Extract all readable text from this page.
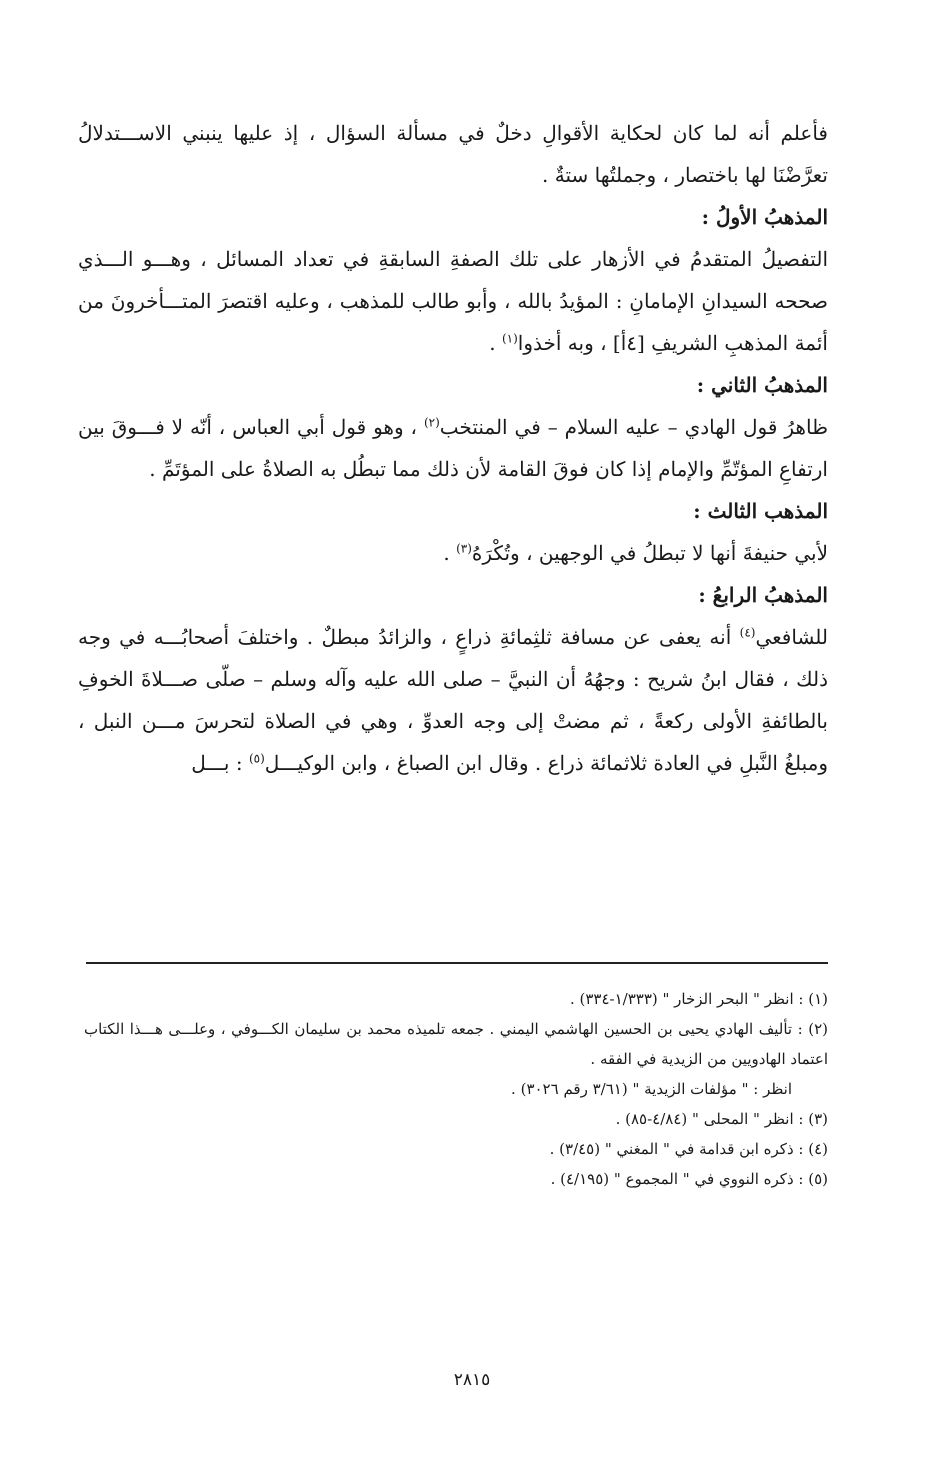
فأعلم أنه لما كان لحكاية الأقوالِ دخلٌ في مسألة السؤال ، إذ عليها ينبني الاســـتدلالُ تعرَّضْنَا لها باختصار ، وجملتُها ستةٌ .

المذهبُ الأولُ :

التفصيلُ المتقدمُ في الأزهار على تلك الصفةِ السابقةِ في تعداد المسائل ، وهـــو الـــذي صححه السيدانِ الإمامانِ : المؤيدُ بالله ، وأبو طالب للمذهب ، وعليه اقتصرَ المتـــأخرونَ من أئمة المذهبِ الشريفِ [٤أ] ، وبه أخذوا$^{(١)}$ .

المذهبُ الثاني :

ظاهرُ قول الهادي – عليه السلام – في المنتخب$^{(٢)}$ ، وهو قول أبي العباس ، أنّه لا فـــوقَ بين ارتفاعِ المؤتّمِّ والإمام إذا كان فوقَ القامة لأن ذلك مما تبطُل به الصلاةُ على المؤتَمِّ .

المذهب الثالث :

لأبي حنيفةَ أنها لا تبطلُ في الوجهين ، وتُكْرَهُ$^{(٣)}$ .

المذهبُ الرابعُ :

للشافعي$^{(٤)}$ أنه يعفى عن مسافة ثلثِمائةِ ذراعٍ ، والزائدُ مبطلٌ . واختلفَ أصحابُـــه في وجه ذلك ، فقال ابنُ شريح : وجهُهُ أن النبيَّ – صلى الله عليه وآله وسلم – صلّى صـــلاةَ الخوفِ بالطائفةِ الأولى ركعةً ، ثم مضتْ إلى وجه العدوِّ ، وهي في الصلاة لتحرسَ مـــن النبل ، ومبلغُ النَّبلِ في العادة ثلاثمائة ذراع . وقال ابن الصباغ ، وابن الوكيـــل$^{(٥)}$ : بـــل

(١) : انظر " البحر الزخار " (١/٣٣٣-٣٣٤) .

(٢) : تأليف الهادي يحيى بن الحسين الهاشمي اليمني . جمعه تلميذه محمد بن سليمان الكـــوفي ، وعلـــى هـــذا الكتاب اعتماد الهادويين من الزيدية في الفقه .

انظر : " مؤلفات الزيدية " (٣/٦١ رقم ٣٠٢٦) .

(٣) : انظر " المحلى " (٤/٨٤-٨٥) .

(٤) : ذكره ابن قدامة في " المغني " (٣/٤٥) .

(٥) : ذكره النووي في " المجموع " (٤/١٩٥) .

٢٨١٥
